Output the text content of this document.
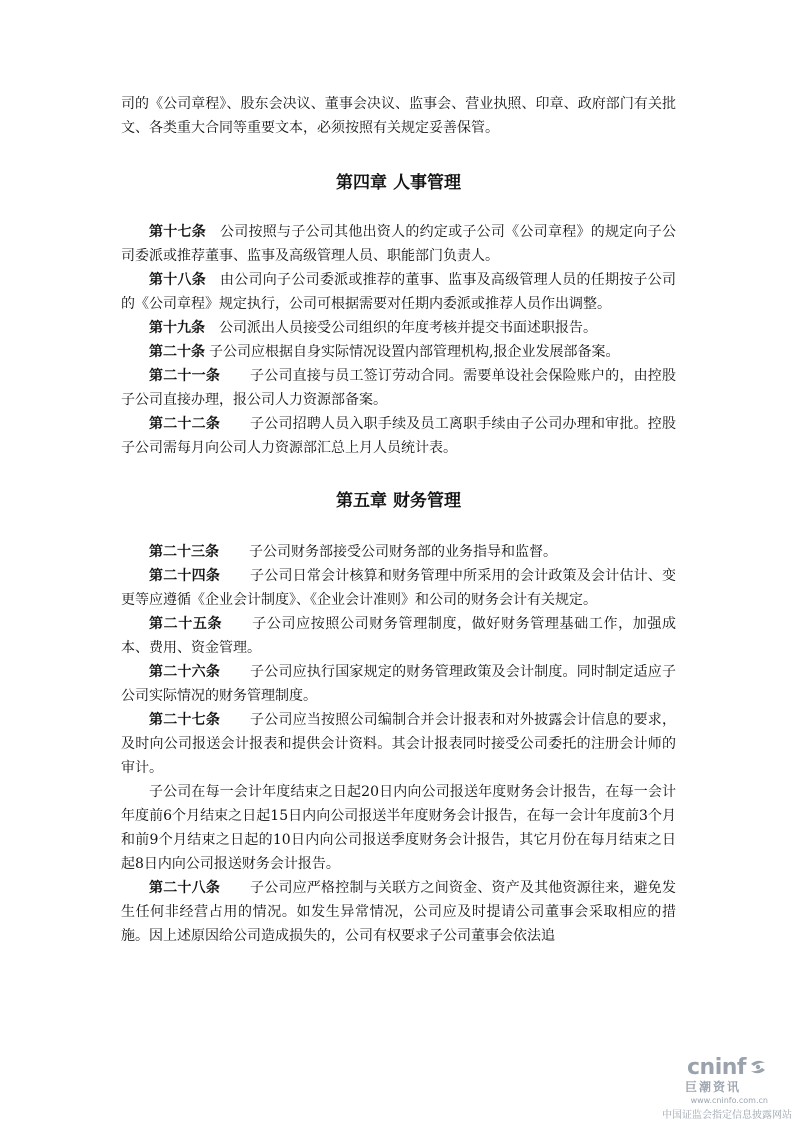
司的《公司章程》、股东会决议、董事会决议、监事会、营业执照、印章、政府部门有关批文、各类重大合同等重要文本，必须按照有关规定妥善保管。

第四章 人事管理

第十七条 公司按照与子公司其他出资人的约定或子公司《公司章程》的规定向子公司委派或推荐董事、监事及高级管理人员、职能部门负责人。

第十八条 由公司向子公司委派或推荐的董事、监事及高级管理人员的任期按子公司的《公司章程》规定执行，公司可根据需要对任期内委派或推荐人员作出调整。

第十九条 公司派出人员接受公司组织的年度考核并提交书面述职报告。

第二十条 子公司应根据自身实际情况设置内部管理机构,报企业发展部备案。

第二十一条 子公司直接与员工签订劳动合同。需要单设社会保险账户的，由控股子公司直接办理，报公司人力资源部备案。

第二十二条 子公司招聘人员入职手续及员工离职手续由子公司办理和审批。控股子公司需每月向公司人力资源部汇总上月人员统计表。

第五章 财务管理

第二十三条 子公司财务部接受公司财务部的业务指导和监督。

第二十四条 子公司日常会计核算和财务管理中所采用的会计政策及会计估计、变更等应遵循《企业会计制度》、《企业会计准则》和公司的财务会计有关规定。

第二十五条 子公司应按照公司财务管理制度，做好财务管理基础工作，加强成本、费用、资金管理。

第二十六条 子公司应执行国家规定的财务管理政策及会计制度。同时制定适应子公司实际情况的财务管理制度。

第二十七条 子公司应当按照公司编制合并会计报表和对外披露会计信息的要求，及时向公司报送会计报表和提供会计资料。其会计报表同时接受公司委托的注册会计师的审计。

子公司在每一会计年度结束之日起20日内向公司报送年度财务会计报告，在每一会计年度前6个月结束之日起15日内向公司报送半年度财务会计报告，在每一会计年度前3个月和前9个月结束之日起的10日内向公司报送季度财务会计报告，其它月份在每月结束之日起8日内向公司报送财务会计报告。

第二十八条 子公司应严格控制与关联方之间资金、资产及其他资源往来，避免发生任何非经营占用的情况。如发生异常情况，公司应及时提请公司董事会采取相应的措施。因上述原因给公司造成损失的，公司有权要求子公司董事会依法追

cninf
巨潮资讯
www.cninfo.com.cn
中国证监会指定信息披露网站
